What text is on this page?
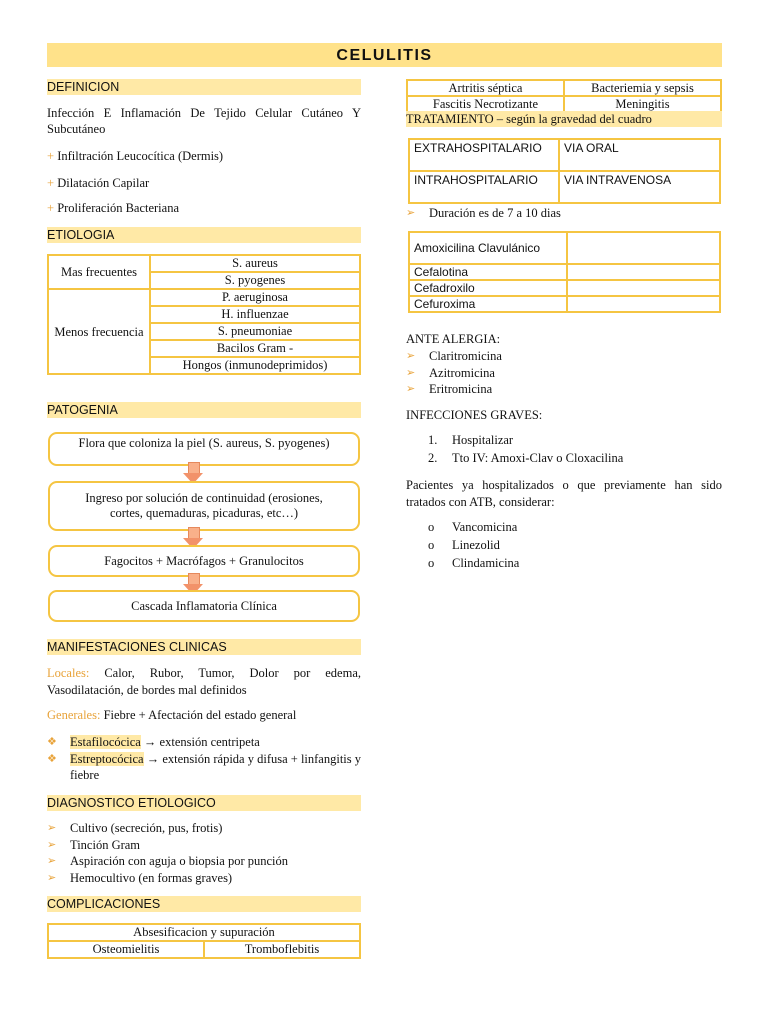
CELULITIS
DEFINICION
Infección E Inflamación De Tejido Celular Cutáneo Y Subcutáneo
+ Infiltración Leucocítica (Dermis)
+ Dilatación Capilar
+ Proliferación Bacteriana
ETIOLOGIA
Mas frecuentes	S. aureus
	S. pyogenes
Menos frecuencia	P. aeruginosa
	H. influenzae
	S. pneumoniae
	Bacilos Gram -
	Hongos (inmunodeprimidos)
PATOGENIA
Flora que coloniza la piel (S. aureus, S. pyogenes)
Ingreso por solución de continuidad (erosiones, cortes, quemaduras, picaduras, etc…)
Fagocitos + Macrófagos + Granulocitos
Cascada Inflamatoria Clínica
MANIFESTACIONES CLINICAS
Locales: Calor, Rubor, Tumor, Dolor por edema, Vasodilatación, de bordes mal definidos
Generales: Fiebre + Afectación del estado general
❖ Estafilocócica → extensión centripeta
❖ Estreptocócica → extensión rápida y difusa + linfangitis y fiebre
DIAGNOSTICO ETIOLOGICO
➢ Cultivo (secreción, pus, frotis)
➢ Tinción Gram
➢ Aspiración con aguja o biopsia por punción
➢ Hemocultivo (en formas graves)
COMPLICACIONES
Absesificacion y supuración
Osteomielitis	Tromboflebitis
Artritis séptica	Bacteriemia y sepsis
Fascitis Necrotizante	Meningitis
TRATAMIENTO – según la gravedad del cuadro
EXTRAHOSPITALARIO	VIA ORAL
INTRAHOSPITALARIO	VIA INTRAVENOSA
➢ Duración es de 7 a 10 dias
Amoxicilina Clavulánico	
Cefalotina	
Cefadroxilo	
Cefuroxima	
ANTE ALERGIA:
➢ Claritromicina
➢ Azitromicina
➢ Eritromicina
INFECCIONES GRAVES:
1. Hospitalizar
2. Tto IV: Amoxi-Clav o Cloxacilina
Pacientes ya hospitalizados o que previamente han sido tratados con ATB, considerar:
o Vancomicina
o Linezolid
o Clindamicina
